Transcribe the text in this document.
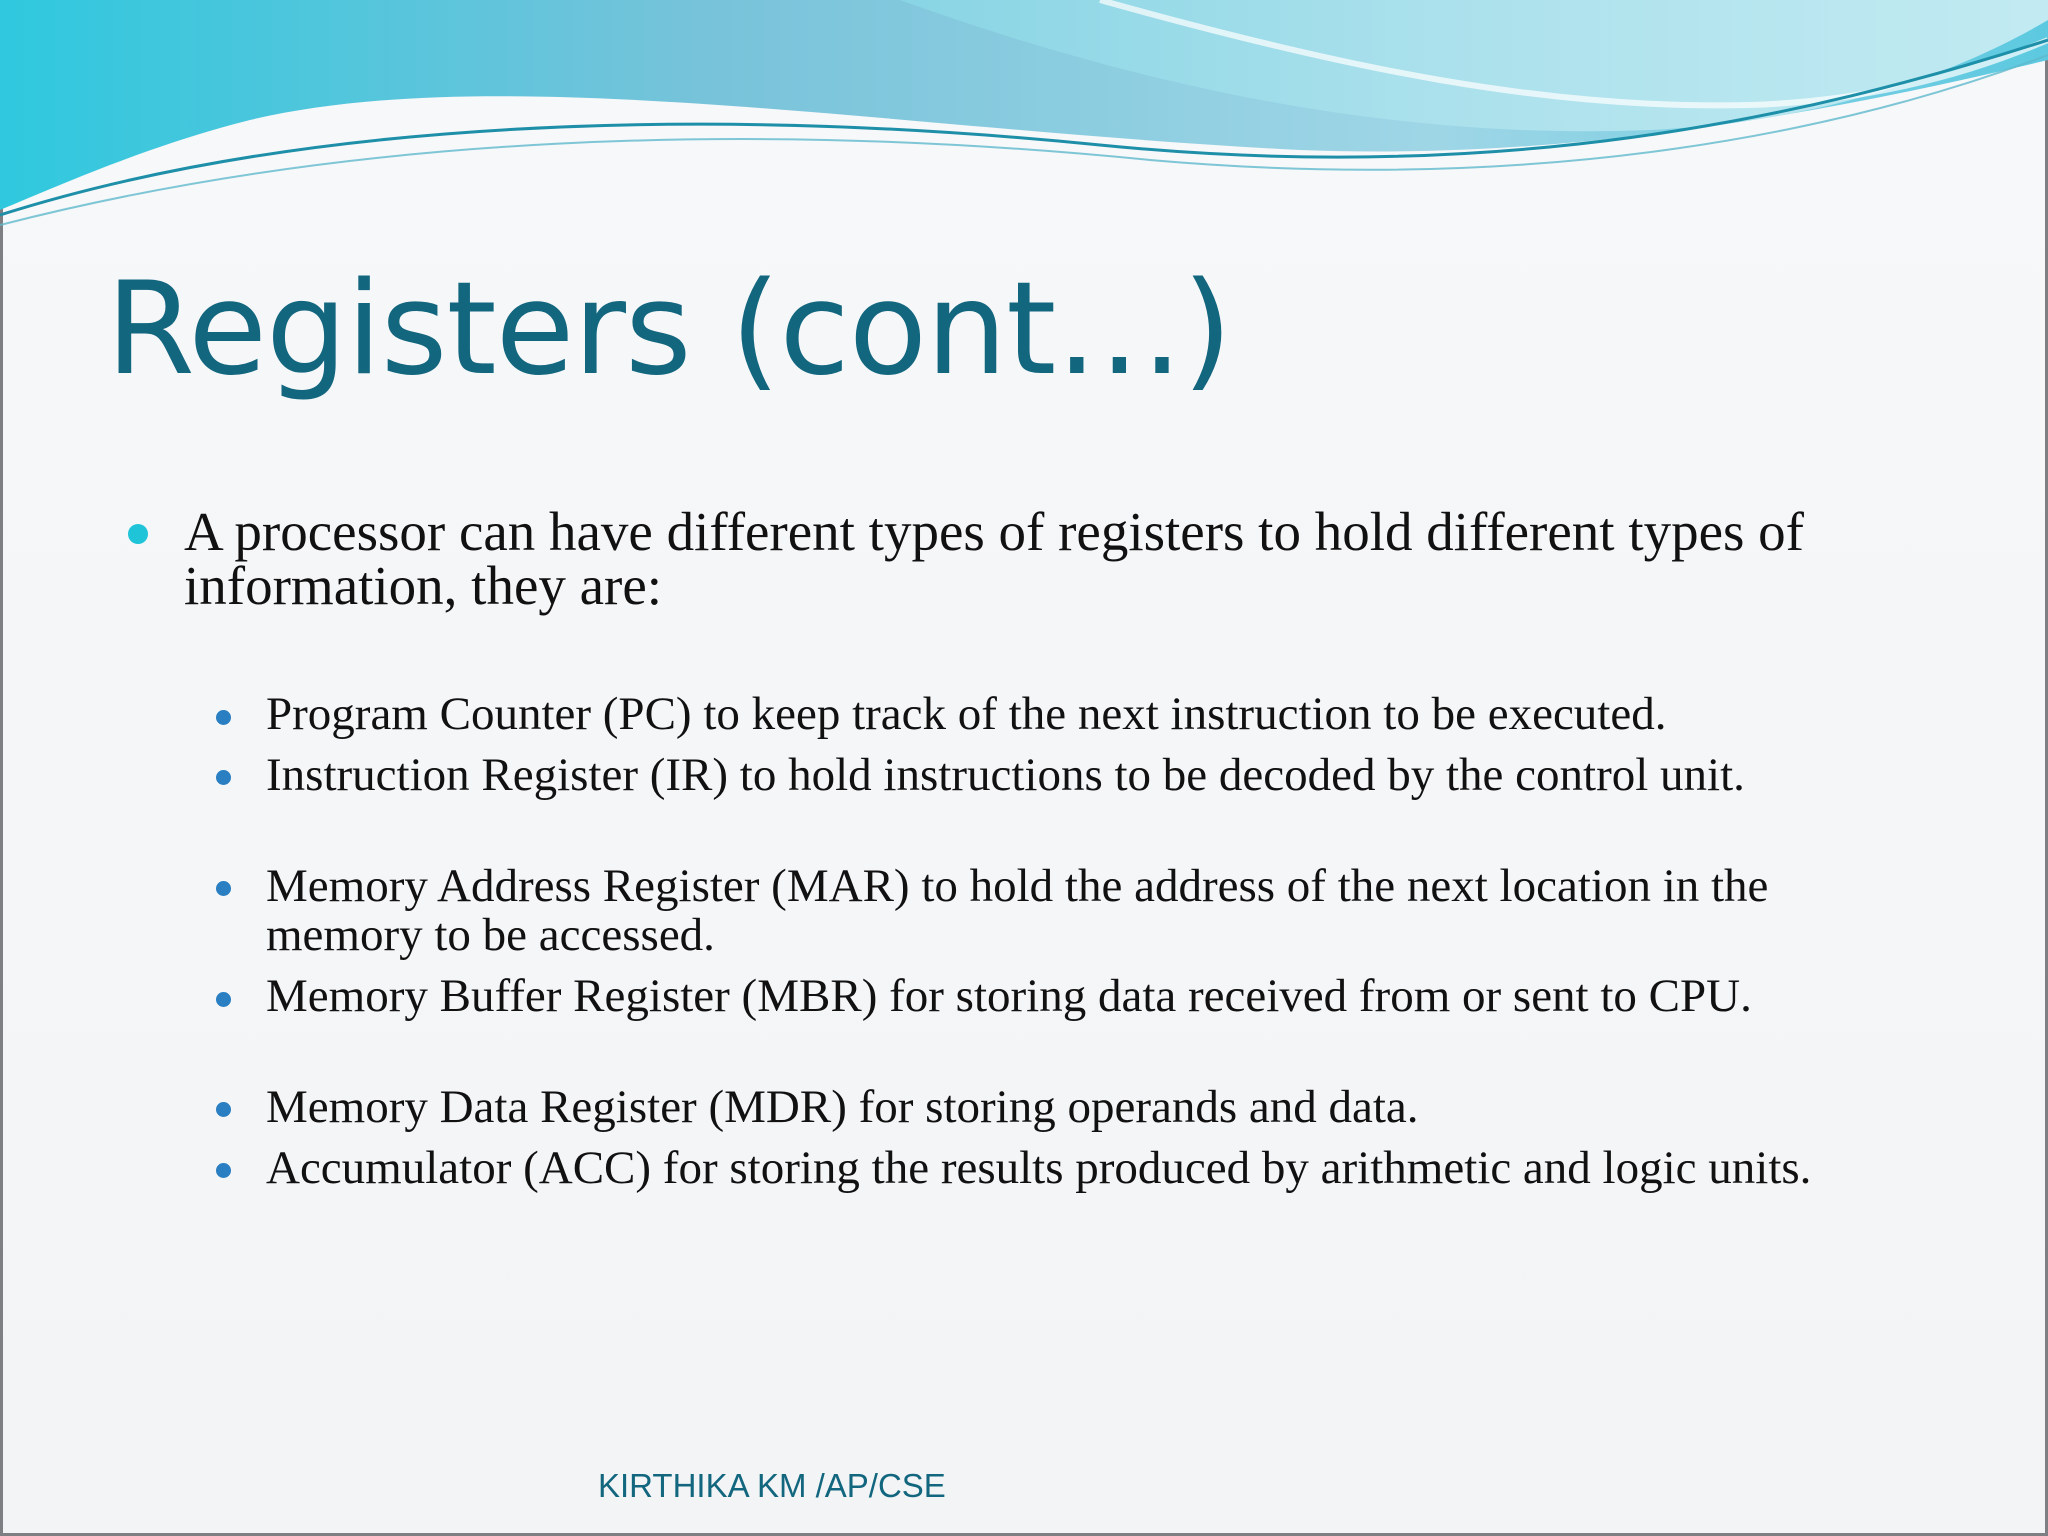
Registers (cont…)
A processor can have different types of registers to hold different types of information, they are:
Program Counter (PC) to keep track of the next instruction to be executed.
Instruction Register (IR) to hold instructions to be decoded by the control unit.
Memory Address Register (MAR) to hold the address of the next location in the        memory to be accessed.
Memory Buffer Register (MBR) for storing data received from or sent to CPU.
Memory Data Register (MDR) for storing operands and data.
Accumulator (ACC) for storing the results produced by arithmetic and logic units.
KIRTHIKA KM /AP/CSE
